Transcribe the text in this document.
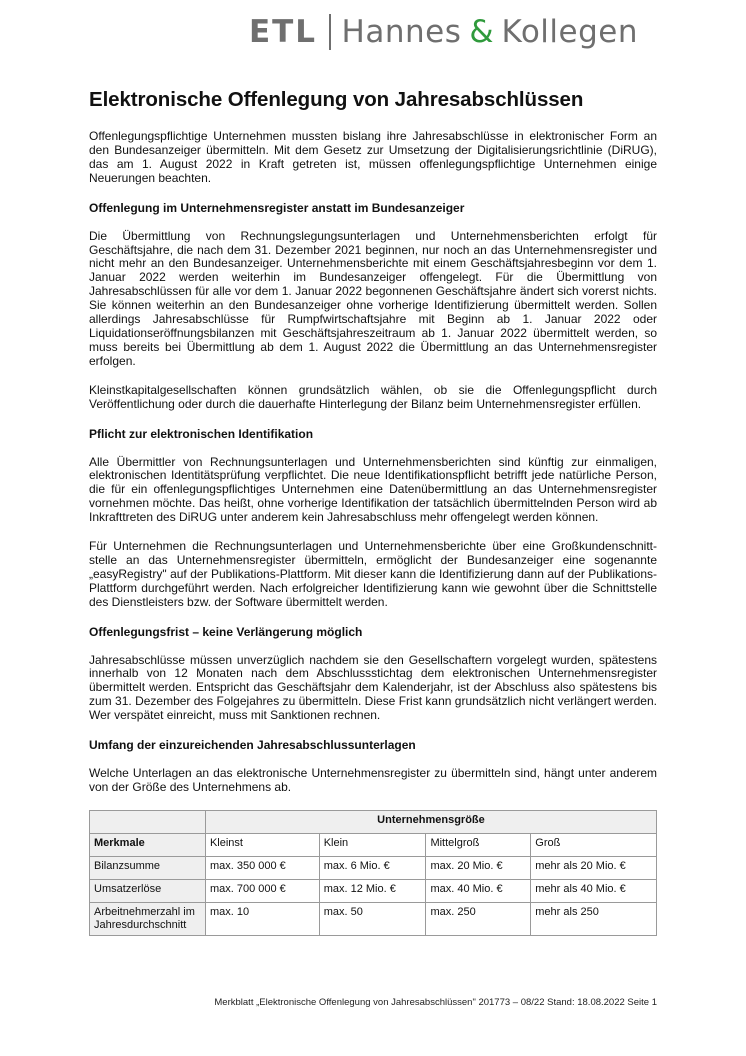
ETL Hannes & Kollegen
Elektronische Offenlegung von Jahresabschlüssen

Offenlegungspflichtige Unternehmen mussten bislang ihre Jahresabschlüsse in elektronischer Form an den Bundesanzeiger übermitteln. Mit dem Gesetz zur Umsetzung der Digitalisierungsrichtlinie (DiRUG), das am 1. August 2022 in Kraft getreten ist, müssen offenlegungspflichtige Unternehmen einige Neuerungen beachten.

Offenlegung im Unternehmensregister anstatt im Bundesanzeiger

Die Übermittlung von Rechnungslegungsunterlagen und Unternehmensberichten erfolgt für Geschäftsjahre, die nach dem 31. Dezember 2021 beginnen, nur noch an das Unternehmensregister und nicht mehr an den Bundesanzeiger. Unternehmensberichte mit einem Geschäftsjahresbeginn vor dem 1. Januar 2022 werden weiterhin im Bundesanzeiger offengelegt. Für die Übermittlung von Jahresabschlüssen für alle vor dem 1. Januar 2022 begonnenen Geschäftsjahre ändert sich vorerst nichts. Sie können weiterhin an den Bundesanzeiger ohne vorherige Identifizierung übermittelt werden. Sollen allerdings Jahresabschlüsse für Rumpfwirtschaftsjahre mit Beginn ab 1. Januar 2022 oder Liquidationseröffnungsbilanzen mit Geschäftsjahreszeitraum ab 1. Januar 2022 übermittelt werden, so muss bereits bei Übermittlung ab dem 1. August 2022 die Übermittlung an das Unternehmensregister erfolgen.

Kleinstkapitalgesellschaften können grundsätzlich wählen, ob sie die Offenlegungspflicht durch Veröffentlichung oder durch die dauerhafte Hinterlegung der Bilanz beim Unternehmensregister erfüllen.

Pflicht zur elektronischen Identifikation

Alle Übermittler von Rechnungsunterlagen und Unternehmensberichten sind künftig zur einmaligen, elektronischen Identitätsprüfung verpflichtet. Die neue Identifikationspflicht betrifft jede natürliche Person, die für ein offenlegungspflichtiges Unternehmen eine Datenübermittlung an das Unternehmensregister vornehmen möchte. Das heißt, ohne vorherige Identifikation der tatsächlich übermittelnden Person wird ab Inkrafttreten des DiRUG unter anderem kein Jahresabschluss mehr offengelegt werden können.

Für Unternehmen die Rechnungsunterlagen und Unternehmensberichte über eine Großkundenschnitt-stelle an das Unternehmensregister übermitteln, ermöglicht der Bundesanzeiger eine sogenannte „easyRegistry" auf der Publikations-Plattform. Mit dieser kann die Identifizierung dann auf der Publikations-Plattform durchgeführt werden. Nach erfolgreicher Identifizierung kann wie gewohnt über die Schnittstelle des Dienstleisters bzw. der Software übermittelt werden.

Offenlegungsfrist – keine Verlängerung möglich

Jahresabschlüsse müssen unverzüglich nachdem sie den Gesellschaftern vorgelegt wurden, spätestens innerhalb von 12 Monaten nach dem Abschlussstichtag dem elektronischen Unternehmensregister übermittelt werden. Entspricht das Geschäftsjahr dem Kalenderjahr, ist der Abschluss also spätestens bis zum 31. Dezember des Folgejahres zu übermitteln. Diese Frist kann grundsätzlich nicht verlängert werden. Wer verspätet einreicht, muss mit Sanktionen rechnen.

Umfang der einzureichenden Jahresabschlussunterlagen

Welche Unterlagen an das elektronische Unternehmensregister zu übermitteln sind, hängt unter anderem von der Größe des Unternehmens ab.

	Unternehmensgröße			
Merkmale	Kleinst	Klein	Mittelgroß	Groß
Bilanzsumme	max. 350 000 €	max. 6 Mio. €	max. 20 Mio. €	mehr als 20 Mio. €
Umsatzerlöse	max. 700 000 €	max. 12 Mio. €	max. 40 Mio. €	mehr als 40 Mio. €
Arbeitnehmerzahl im Jahresdurchschnitt	max. 10	max. 50	max. 250	mehr als 250
Merkblatt „Elektronische Offenlegung von Jahresabschlüssen" 201773 – 08/22 Stand: 18.08.2022 Seite 1
